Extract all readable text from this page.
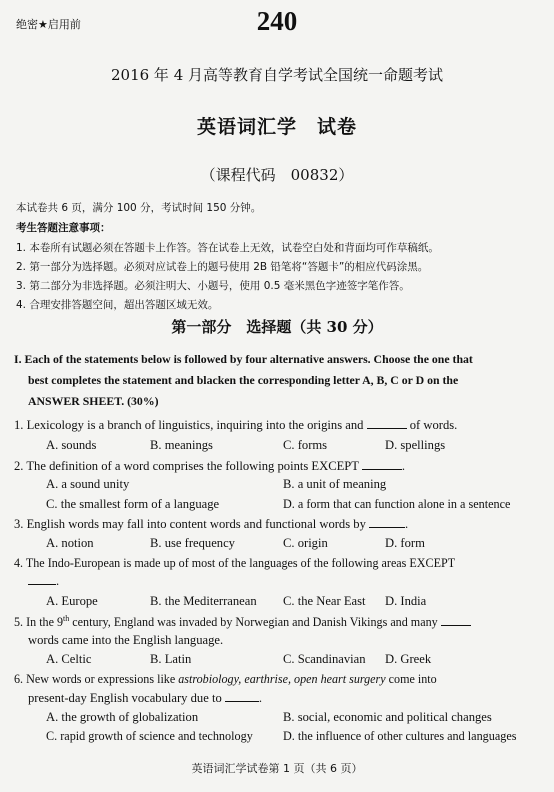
绝密★启用前	240
2016 年 4 月高等教育自学考试全国统一命题考试
英语词汇学　试卷
（课程代码　00832）
本试卷共 6 页，满分 100 分，考试时间 150 分钟。
考生答题注意事项：
1. 本卷所有试题必须在答题卡上作答。答在试卷上无效，试卷空白处和背面均可作草稿纸。
2. 第一部分为选择题。必须对应试卷上的题号使用 2B 铅笔将“答题卡”的相应代码涂黑。
3. 第二部分为非选择题。必须注明大、小题号，使用 0.5 毫米黑色字迹签字笔作答。
4. 合理安排答题空间，超出答题区域无效。
第一部分　选择题（共 30 分）
I. Each of the statements below is followed by four alternative answers. Choose the one that
best completes the statement and blacken the corresponding letter A, B, C or D on the
ANSWER SHEET. (30%)
1. Lexicology is a branch of linguistics, inquiring into the origins and	of words.
A. sounds	B. meanings	C. forms	D. spellings
2. The definition of a word comprises the following points EXCEPT	.
A. a sound unity	B. a unit of meaning
C. the smallest form of a language	D. a form that can function alone in a sentence
3. English words may fall into content words and functional words by	.
A. notion	B. use frequency	C. origin	D. form
4. The Indo-European is made up of most of the languages of the following areas EXCEPT
.
A. Europe	B. the Mediterranean C. the Near East D. India
5. In the 9th century, England was invaded by Norwegian and Danish Vikings and many
words came into the English language.
A. Celtic	B. Latin	C. Scandinavian D. Greek
6. New words or expressions like astrobiology, earthrise, open heart surgery come into
present-day English vocabulary due to	.
A. the growth of globalization	B. social, economic and political changes
C. rapid growth of science and technology D. the influence of other cultures and languages
英语词汇学试卷第 1 页（共 6 页）
